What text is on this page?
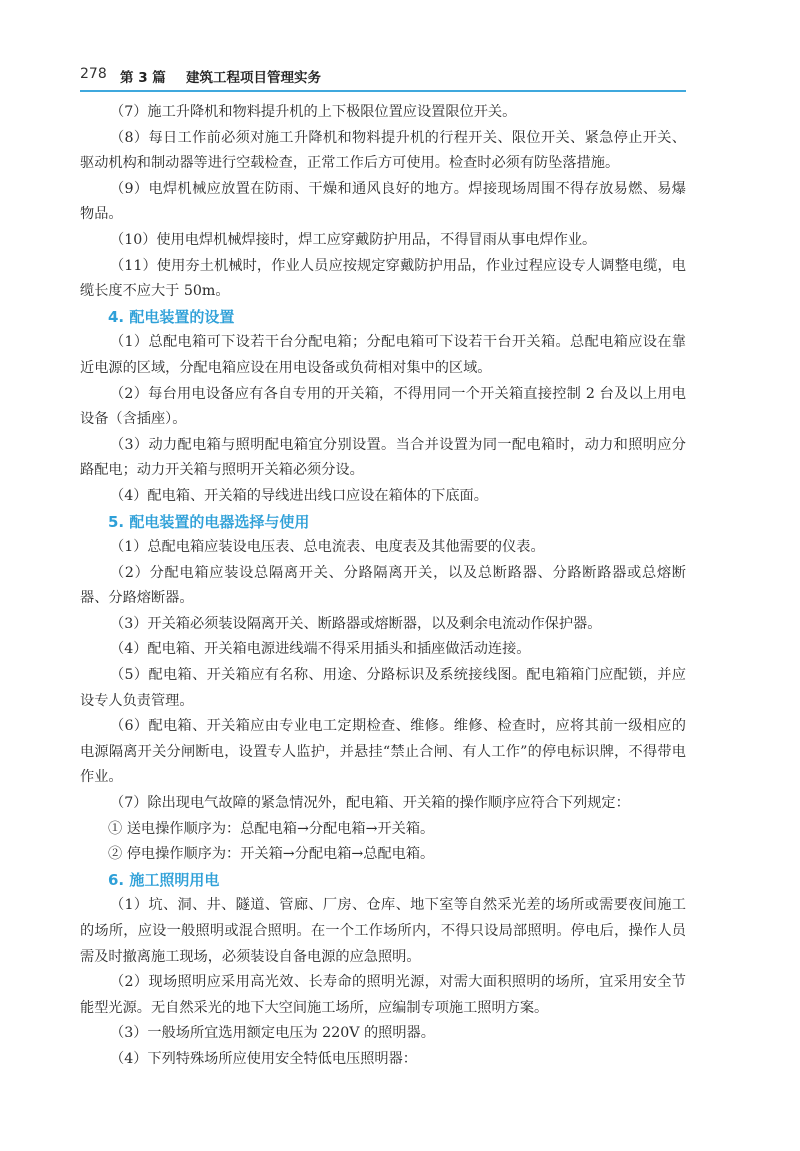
278 第 3 篇 建筑工程项目管理实务

（7）施工升降机和物料提升机的上下极限位置应设置限位开关。

（8）每日工作前必须对施工升降机和物料提升机的行程开关、限位开关、紧急停止开关、驱动机构和制动器等进行空载检查，正常工作后方可使用。检查时必须有防坠落措施。

（9）电焊机械应放置在防雨、干燥和通风良好的地方。焊接现场周围不得存放易燃、易爆物品。

（10）使用电焊机械焊接时，焊工应穿戴防护用品，不得冒雨从事电焊作业。

（11）使用夯土机械时，作业人员应按规定穿戴防护用品，作业过程应设专人调整电缆，电缆长度不应大于 50m。

4. 配电装置的设置

（1）总配电箱可下设若干台分配电箱；分配电箱可下设若干台开关箱。总配电箱应设在靠近电源的区域，分配电箱应设在用电设备或负荷相对集中的区域。

（2）每台用电设备应有各自专用的开关箱，不得用同一个开关箱直接控制 2 台及以上用电设备（含插座）。

（3）动力配电箱与照明配电箱宜分别设置。当合并设置为同一配电箱时，动力和照明应分路配电；动力开关箱与照明开关箱必须分设。

（4）配电箱、开关箱的导线进出线口应设在箱体的下底面。

5. 配电装置的电器选择与使用

（1）总配电箱应装设电压表、总电流表、电度表及其他需要的仪表。

（2）分配电箱应装设总隔离开关、分路隔离开关，以及总断路器、分路断路器或总熔断器、分路熔断器。

（3）开关箱必须装设隔离开关、断路器或熔断器，以及剩余电流动作保护器。

（4）配电箱、开关箱电源进线端不得采用插头和插座做活动连接。

（5）配电箱、开关箱应有名称、用途、分路标识及系统接线图。配电箱箱门应配锁，并应设专人负责管理。

（6）配电箱、开关箱应由专业电工定期检查、维修。维修、检查时，应将其前一级相应的电源隔离开关分闸断电，设置专人监护，并悬挂“禁止合闸、有人工作”的停电标识牌，不得带电作业。

（7）除出现电气故障的紧急情况外，配电箱、开关箱的操作顺序应符合下列规定：

① 送电操作顺序为：总配电箱→分配电箱→开关箱。

② 停电操作顺序为：开关箱→分配电箱→总配电箱。

6. 施工照明用电

（1）坑、洞、井、隧道、管廊、厂房、仓库、地下室等自然采光差的场所或需要夜间施工的场所，应设一般照明或混合照明。在一个工作场所内，不得只设局部照明。停电后，操作人员需及时撤离施工现场，必须装设自备电源的应急照明。

（2）现场照明应采用高光效、长寿命的照明光源，对需大面积照明的场所，宜采用安全节能型光源。无自然采光的地下大空间施工场所，应编制专项施工照明方案。

（3）一般场所宜选用额定电压为 220V 的照明器。

（4）下列特殊场所应使用安全特低电压照明器：
